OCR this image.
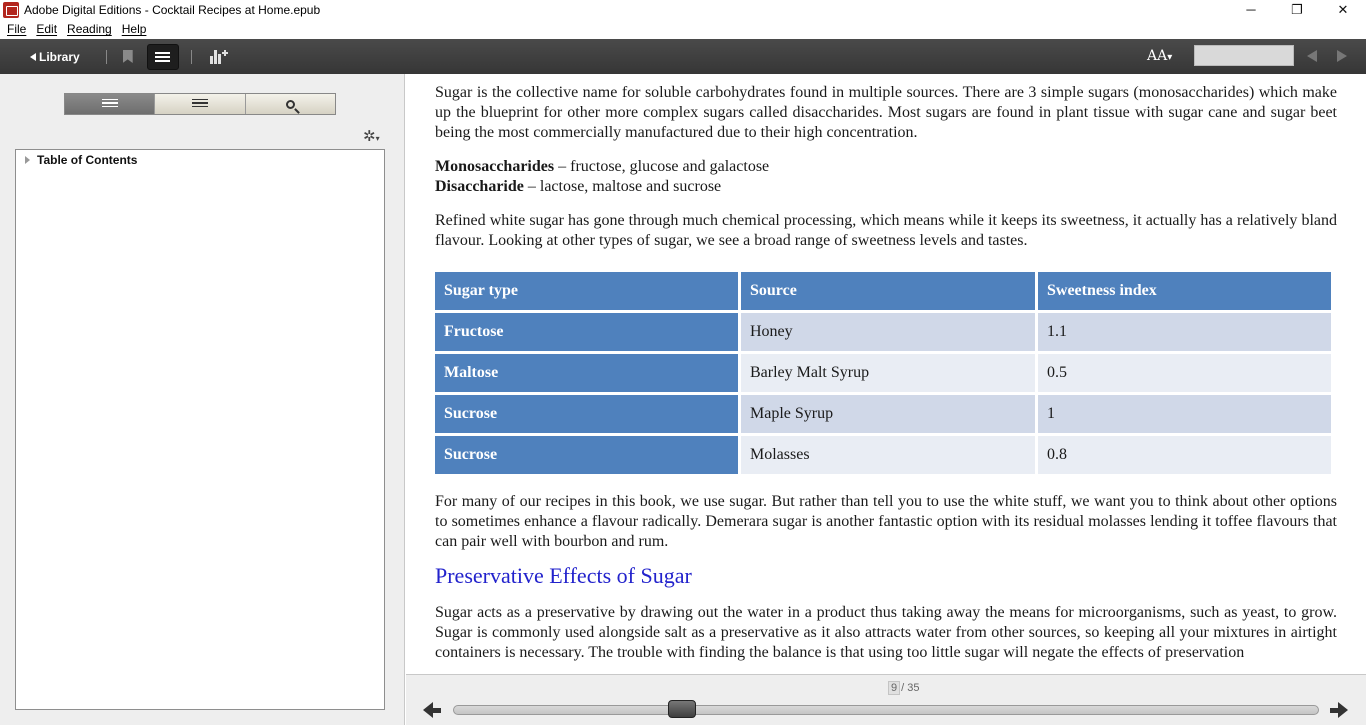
Adobe Digital Editions - Cocktail Recipes at Home.epub	─	❐	✕
File Edit Reading Help
Library	AA▾
✲▾
Table of Contents

Sugar is the collective name for soluble carbohydrates found in multiple sources. There are 3 simple sugars (monosaccharides) which make up the blueprint for other more complex sugars called disaccharides. Most sugars are found in plant tissue with sugar cane and sugar beet being the most commercially manufactured due to their high concentration.

Monosaccharides – fructose, glucose and galactose
Disaccharide – lactose, maltose and sucrose

Refined white sugar has gone through much chemical processing, which means while it keeps its sweetness, it actually has a relatively bland flavour. Looking at other types of sugar, we see a broad range of sweetness levels and tastes.

Sugar type	Source	Sweetness index
Fructose	Honey	1.1
Maltose	Barley Malt Syrup	0.5
Sucrose	Maple Syrup	1
Sucrose	Molasses	0.8

For many of our recipes in this book, we use sugar. But rather than tell you to use the white stuff, we want you to think about other options to sometimes enhance a flavour radically. Demerara sugar is another fantastic option with its residual molasses lending it toffee flavours that can pair well with bourbon and rum.

Preservative Effects of Sugar

Sugar acts as a preservative by drawing out the water in a product thus taking away the means for microorganisms, such as yeast, to grow. Sugar is commonly used alongside salt as a preservative as it also attracts water from other sources, so keeping all your mixtures in airtight containers is necessary. The trouble with finding the balance is that using too little sugar will negate the effects of preservation

9 / 35
